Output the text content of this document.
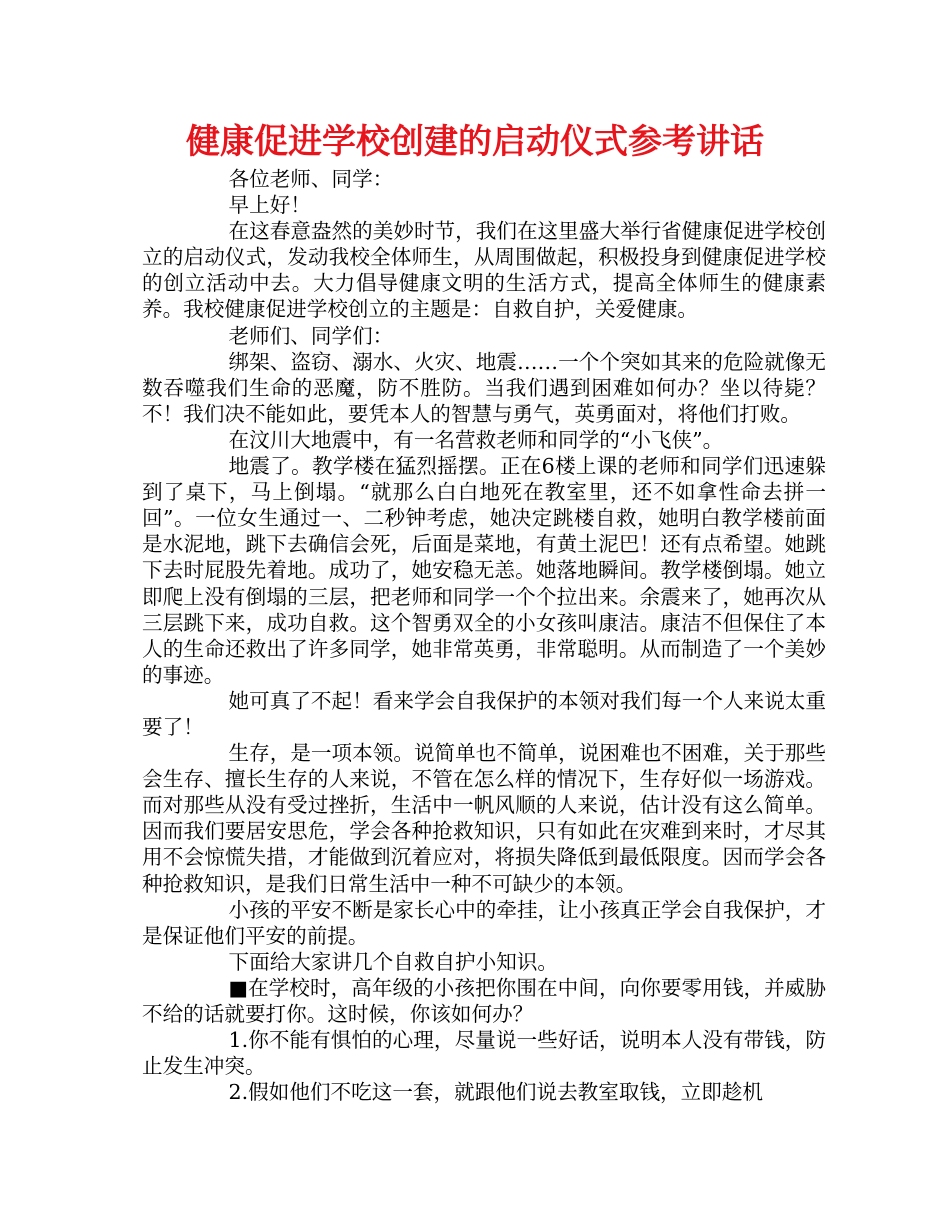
健康促进学校创建的启动仪式参考讲话

各位老师、同学：

早上好！

在这春意盎然的美妙时节，我们在这里盛大举行省健康促进学校创立的启动仪式，发动我校全体师生，从周围做起，积极投身到健康促进学校的创立活动中去。大力倡导健康文明的生活方式，提高全体师生的健康素养。我校健康促进学校创立的主题是：自救自护，关爱健康。

老师们、同学们：

绑架、盗窃、溺水、火灾、地震……一个个突如其来的危险就像无数吞噬我们生命的恶魔，防不胜防。当我们遇到困难如何办？坐以待毙？不！我们决不能如此，要凭本人的智慧与勇气，英勇面对，将他们打败。

在汶川大地震中，有一名营救老师和同学的“小飞侠”。

地震了。教学楼在猛烈摇摆。正在6楼上课的老师和同学们迅速躲到了桌下，马上倒塌。“就那么白白地死在教室里，还不如拿性命去拼一回”。一位女生通过一、二秒钟考虑，她决定跳楼自救，她明白教学楼前面是水泥地，跳下去确信会死，后面是菜地，有黄土泥巴！还有点希望。她跳下去时屁股先着地。成功了，她安稳无恙。她落地瞬间。教学楼倒塌。她立即爬上没有倒塌的三层，把老师和同学一个个拉出来。余震来了，她再次从三层跳下来，成功自救。这个智勇双全的小女孩叫康洁。康洁不但保住了本人的生命还救出了许多同学，她非常英勇，非常聪明。从而制造了一个美妙的事迹。

她可真了不起！看来学会自我保护的本领对我们每一个人来说太重要了！

生存，是一项本领。说简单也不简单，说困难也不困难，关于那些会生存、擅长生存的人来说，不管在怎么样的情况下，生存好似一场游戏。而对那些从没有受过挫折，生活中一帆风顺的人来说，估计没有这么简单。因而我们要居安思危，学会各种抢救知识，只有如此在灾难到来时，才尽其用不会惊慌失措，才能做到沉着应对，将损失降低到最低限度。因而学会各种抢救知识，是我们日常生活中一种不可缺少的本领。

小孩的平安不断是家长心中的牵挂，让小孩真正学会自我保护，才是保证他们平安的前提。

下面给大家讲几个自救自护小知识。

■在学校时，高年级的小孩把你围在中间，向你要零用钱，并威胁不给的话就要打你。这时候，你该如何办？

1.你不能有惧怕的心理，尽量说一些好话，说明本人没有带钱，防止发生冲突。

2.假如他们不吃这一套，就跟他们说去教室取钱，立即趁机
